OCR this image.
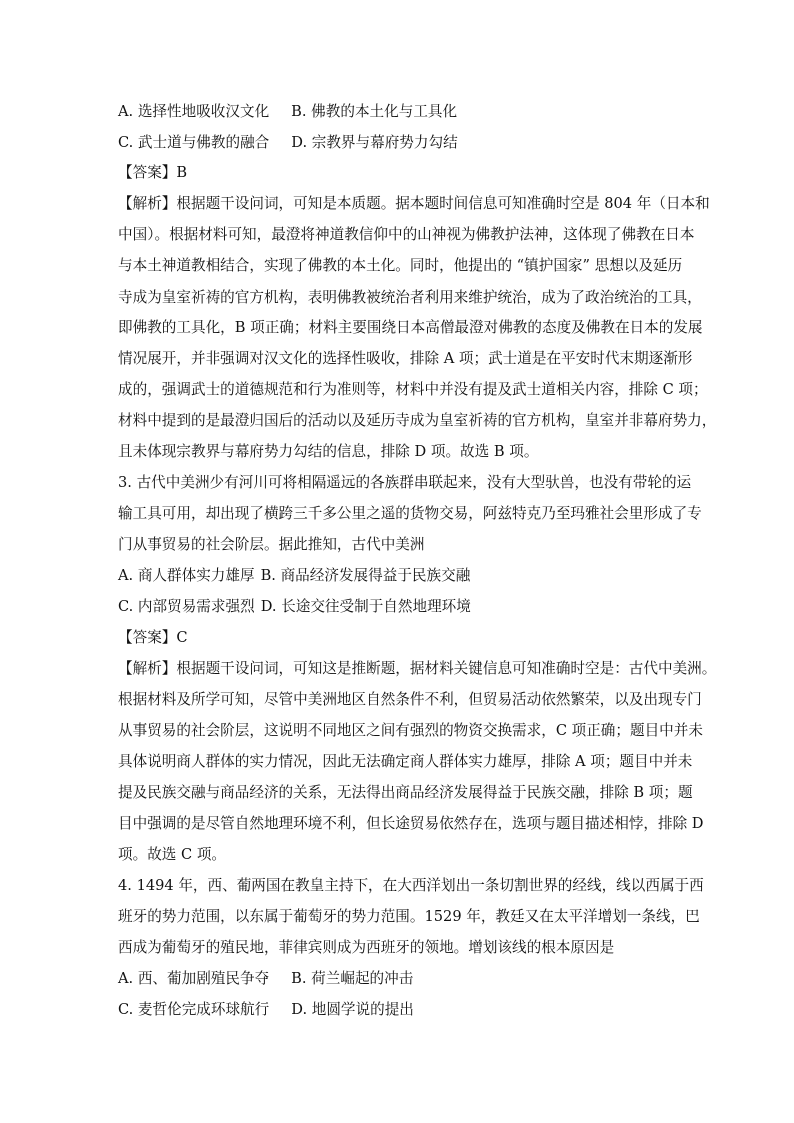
A. 选择性地吸收汉文化 B. 佛教的本土化与工具化
C. 武士道与佛教的融合 D. 宗教界与幕府势力勾结
【答案】B
【解析】根据题干设问词，可知是本质题。据本题时间信息可知准确时空是 804 年（日本和
中国）。根据材料可知，最澄将神道教信仰中的山神视为佛教护法神，这体现了佛教在日本
与本土神道教相结合，实现了佛教的本土化。同时，他提出的 “镇护国家” 思想以及延历
寺成为皇室祈祷的官方机构，表明佛教被统治者利用来维护统治，成为了政治统治的工具，
即佛教的工具化，B 项正确；材料主要围绕日本高僧最澄对佛教的态度及佛教在日本的发展
情况展开，并非强调对汉文化的选择性吸收，排除 A 项；武士道是在平安时代末期逐渐形
成的，强调武士的道德规范和行为准则等，材料中并没有提及武士道相关内容，排除 C 项；
材料中提到的是最澄归国后的活动以及延历寺成为皇室祈祷的官方机构，皇室并非幕府势力，
且未体现宗教界与幕府势力勾结的信息，排除 D 项。故选 B 项。
3. 古代中美洲少有河川可将相隔遥远的各族群串联起来，没有大型驮兽，也没有带轮的运
输工具可用，却出现了横跨三千多公里之遥的货物交易，阿兹特克乃至玛雅社会里形成了专
门从事贸易的社会阶层。据此推知，古代中美洲
A. 商人群体实力雄厚 B. 商品经济发展得益于民族交融
C. 内部贸易需求强烈 D. 长途交往受制于自然地理环境
【答案】C
【解析】根据题干设问词，可知这是推断题，据材料关键信息可知准确时空是：古代中美洲。
根据材料及所学可知，尽管中美洲地区自然条件不利，但贸易活动依然繁荣，以及出现专门
从事贸易的社会阶层，这说明不同地区之间有强烈的物资交换需求，C 项正确；题目中并未
具体说明商人群体的实力情况，因此无法确定商人群体实力雄厚，排除 A 项；题目中并未
提及民族交融与商品经济的关系，无法得出商品经济发展得益于民族交融，排除 B 项；题
目中强调的是尽管自然地理环境不利，但长途贸易依然存在，选项与题目描述相悖，排除 D
项。故选 C 项。
4. 1494 年，西、葡两国在教皇主持下，在大西洋划出一条切割世界的经线，线以西属于西
班牙的势力范围，以东属于葡萄牙的势力范围。1529 年，教廷又在太平洋增划一条线，巴
西成为葡萄牙的殖民地，菲律宾则成为西班牙的领地。增划该线的根本原因是
A. 西、葡加剧殖民争夺 B. 荷兰崛起的冲击
C. 麦哲伦完成环球航行 D. 地圆学说的提出
